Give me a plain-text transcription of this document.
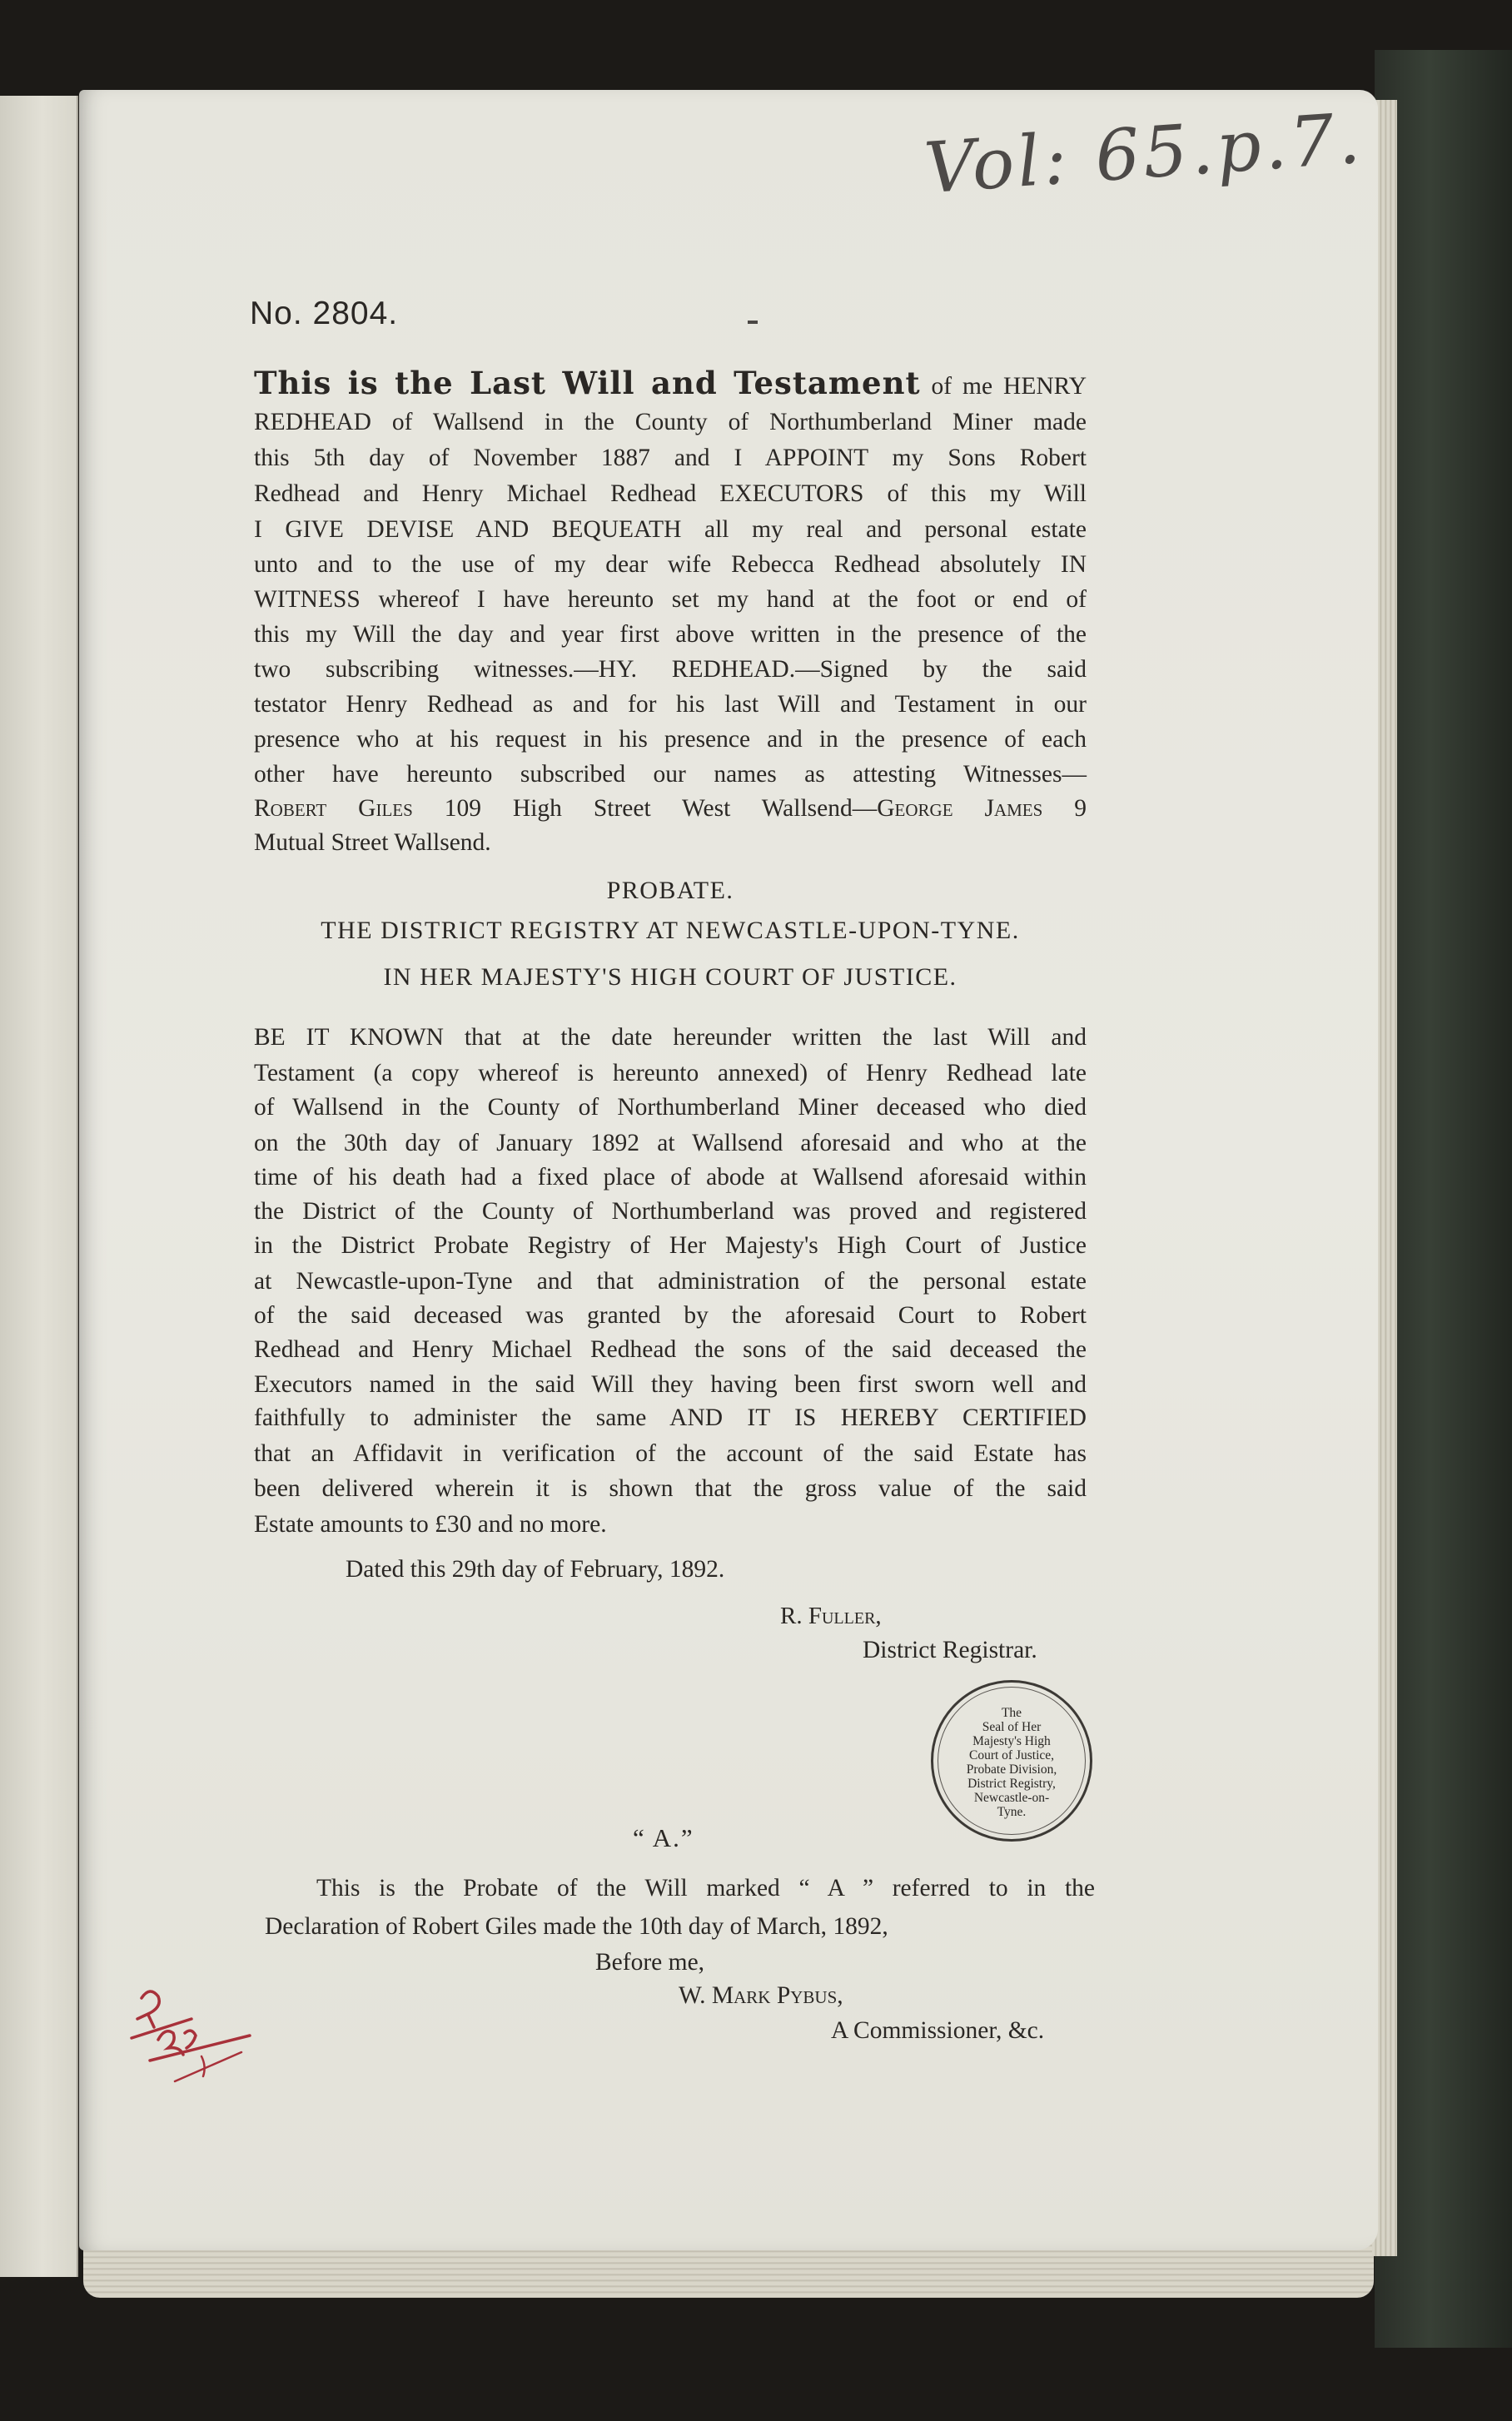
Vol: 65.p.7.
No. 2804.
This is the Last Will and Testament of me HENRY
REDHEAD of Wallsend in the County of Northumberland Miner made
this 5th day of November 1887 and I APPOINT my Sons Robert
Redhead and Henry Michael Redhead EXECUTORS of this my Will
I GIVE DEVISE AND BEQUEATH all my real and personal estate
unto and to the use of my dear wife Rebecca Redhead absolutely IN
WITNESS whereof I have hereunto set my hand at the foot or end of
this my Will the day and year first above written in the presence of the
two subscribing witnesses.—HY. REDHEAD.—Signed by the said
testator Henry Redhead as and for his last Will and Testament in our
presence who at his request in his presence and in the presence of each
other have hereunto subscribed our names as attesting Witnesses—
Robert Giles 109 High Street West Wallsend—George James 9
Mutual Street Wallsend.
PROBATE.
THE DISTRICT REGISTRY AT NEWCASTLE-UPON-TYNE.
IN HER MAJESTY'S HIGH COURT OF JUSTICE.
BE IT KNOWN that at the date hereunder written the last Will and
Testament (a copy whereof is hereunto annexed) of Henry Redhead late
of Wallsend in the County of Northumberland Miner deceased who died
on the 30th day of January 1892 at Wallsend aforesaid and who at the
time of his death had a fixed place of abode at Wallsend aforesaid within
the District of the County of Northumberland was proved and registered
in the District Probate Registry of Her Majesty's High Court of Justice
at Newcastle-upon-Tyne and that administration of the personal estate
of the said deceased was granted by the aforesaid Court to Robert
Redhead and Henry Michael Redhead the sons of the said deceased the
Executors named in the said Will they having been first sworn well and
faithfully to administer the same AND IT IS HEREBY CERTIFIED
that an Affidavit in verification of the account of the said Estate has
been delivered wherein it is shown that the gross value of the said
Estate amounts to £30 and no more.
Dated this 29th day of February, 1892.
R. Fuller,
District Registrar.
The
Seal of Her
Majesty's High
Court of Justice,
Probate Division,
District Registry,
Newcastle-on-
Tyne.
“ A.”
This is the Probate of the Will marked “ A ” referred to in the
Declaration of Robert Giles made the 10th day of March, 1892,
Before me,
W. Mark Pybus,
A Commissioner, &c.
